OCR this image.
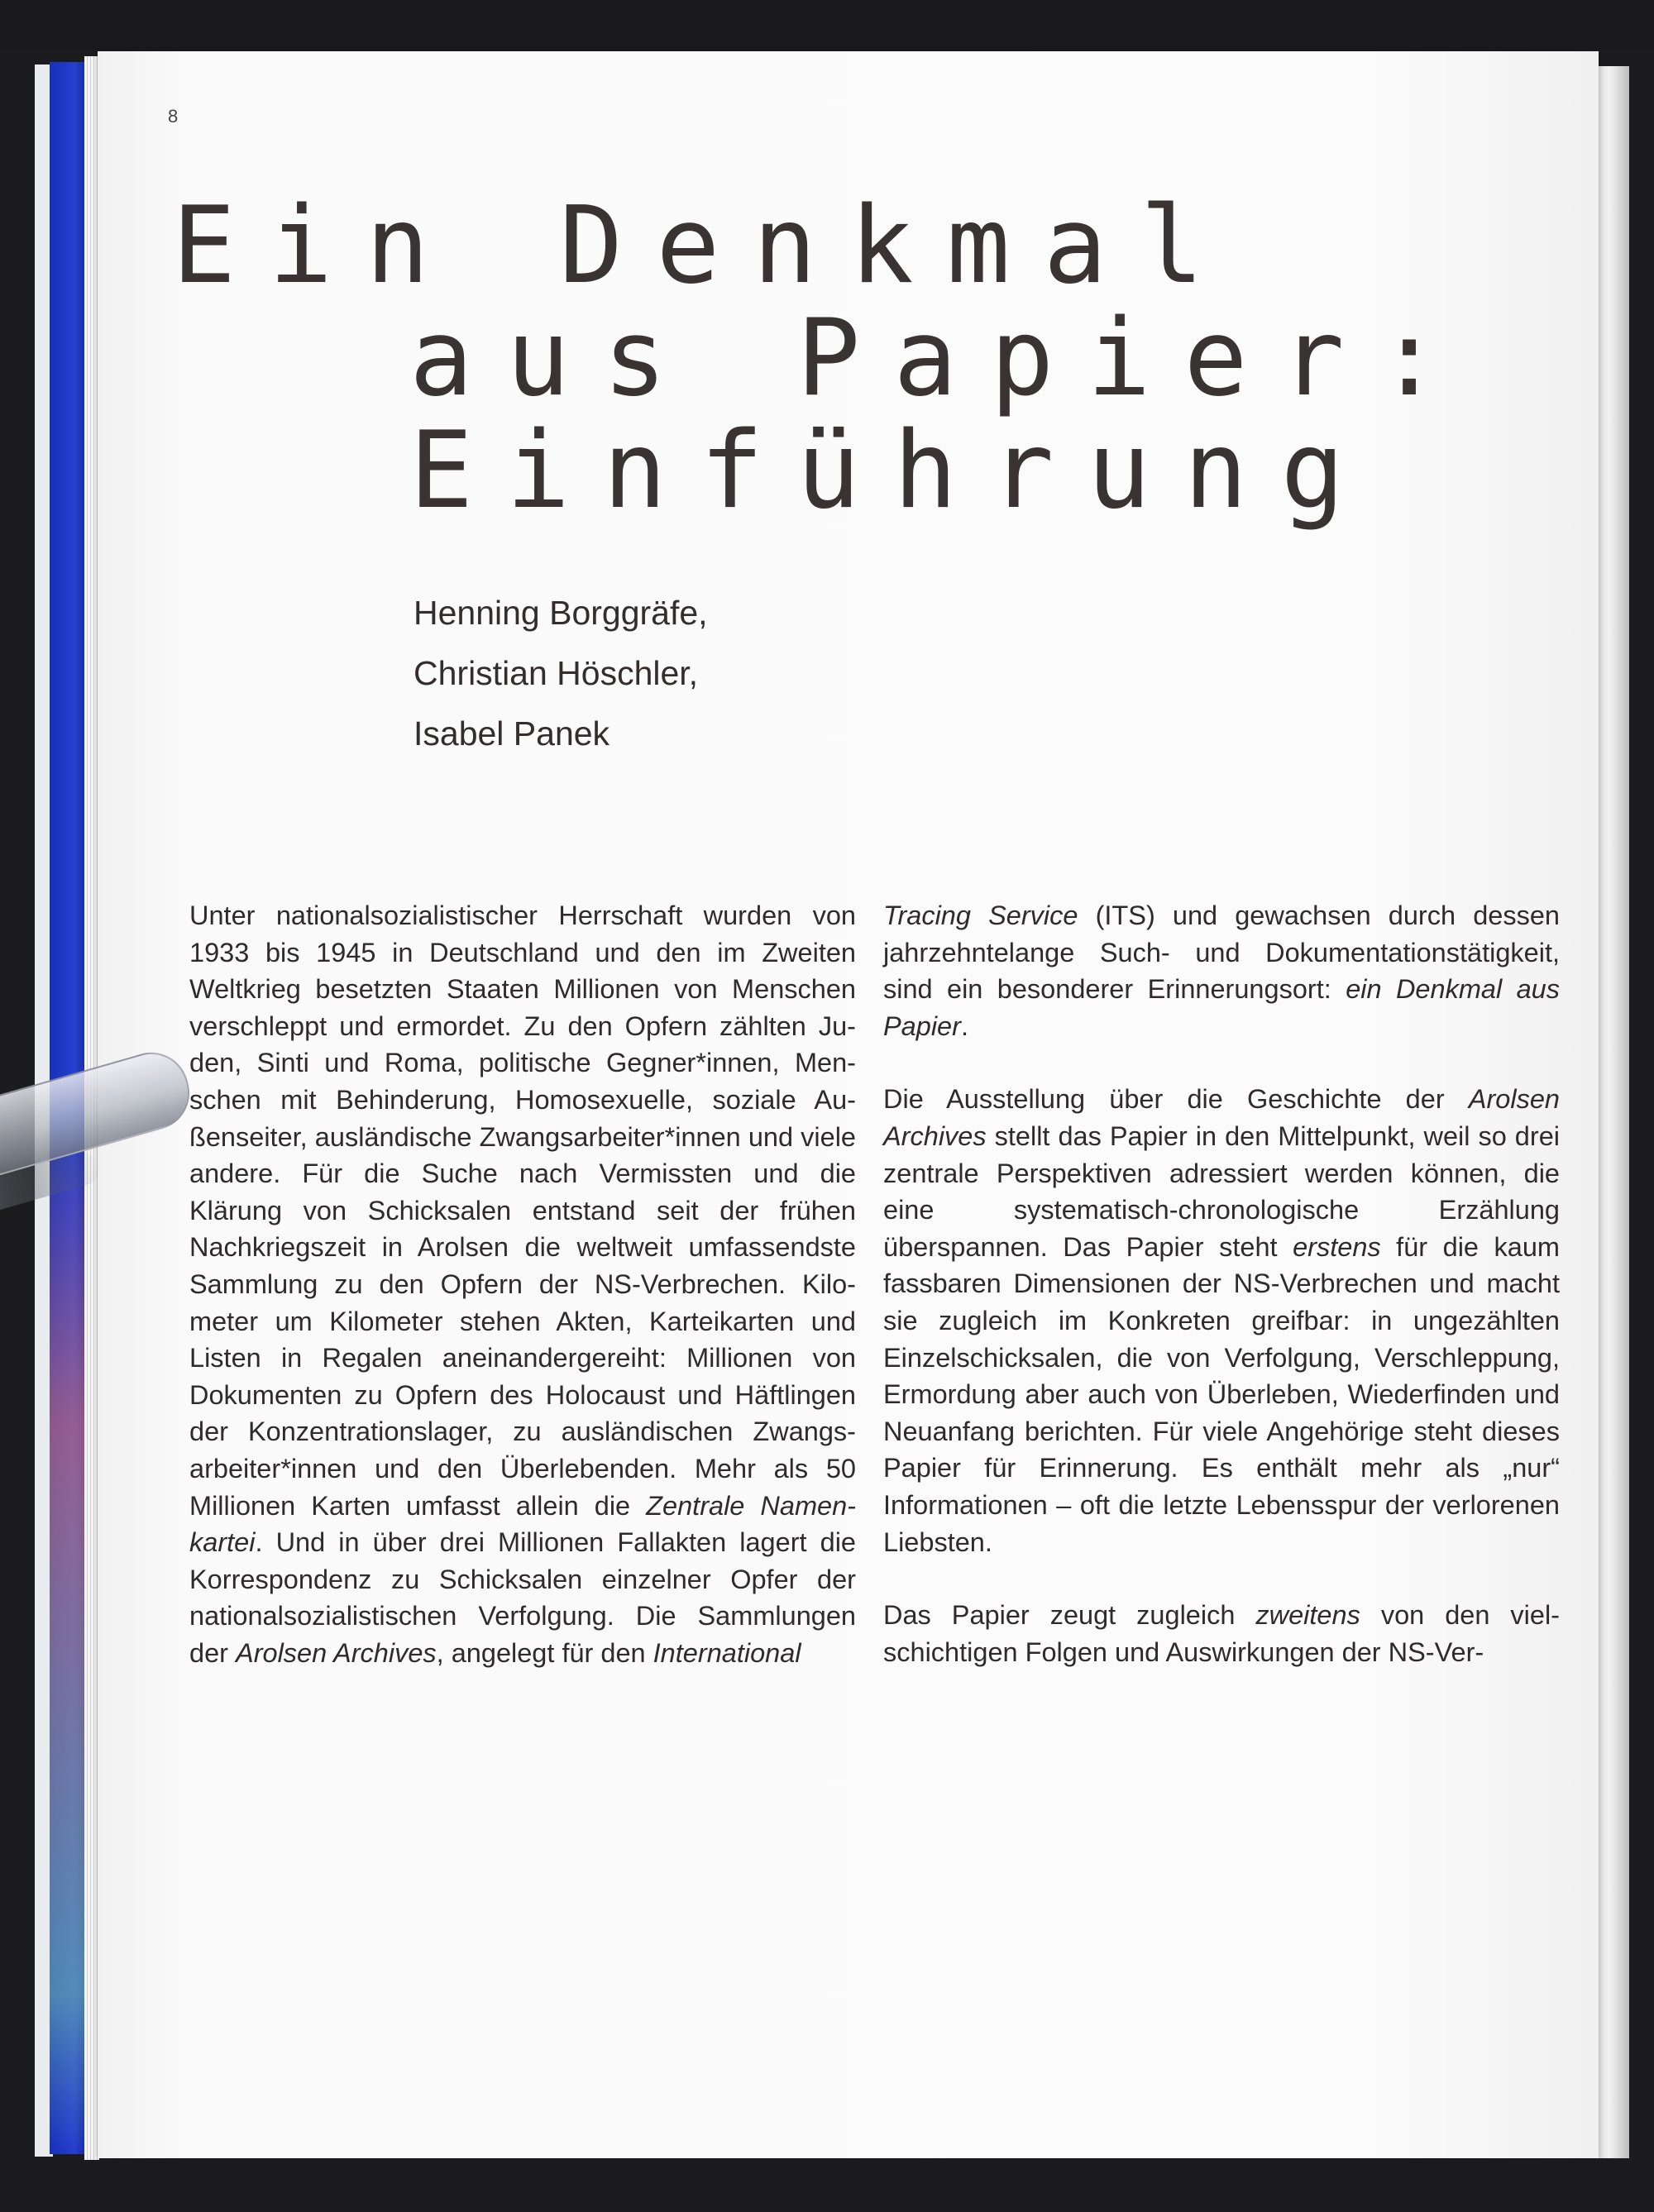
8
Ein Denkmal
aus Papier:
Einführung
Henning Borggräfe,
Christian Höschler,
Isabel Panek

Unter nationalsozialistischer Herrschaft wurden von 1933 bis 1945 in Deutschland und den im Zweiten Weltkrieg besetzten Staaten Millionen von Menschen verschleppt und ermordet. Zu den Opfern zählten Juden, Sinti und Roma, politische Gegner*innen, Menschen mit Behinderung, Homosexuelle, soziale Außenseiter, ausländische Zwangsarbeiter*innen und viele andere. Für die Suche nach Vermissten und die Klärung von Schicksalen entstand seit der frühen Nachkriegszeit in Arolsen die weltweit umfassendste Sammlung zu den Opfern der NS-Verbrechen. Kilometer um Kilometer stehen Akten, Karteikarten und Listen in Regalen aneinandergereiht: Millionen von Dokumenten zu Opfern des Holocaust und Häftlingen der Konzentrationslager, zu ausländischen Zwangsarbeiter*innen und den Überlebenden. Mehr als 50 Millionen Karten umfasst allein die Zentrale Namenkartei. Und in über drei Millionen Fallakten lagert die Korrespondenz zu Schicksalen einzelner Opfer der nationalsozialistischen Verfolgung. Die Sammlungen der Arolsen Archives, angelegt für den International

Tracing Service (ITS) und gewachsen durch dessen jahrzehntelange Such- und Dokumentationstätigkeit, sind ein besonderer Erinnerungsort: ein Denkmal aus Papier.

Die Ausstellung über die Geschichte der Arolsen Archives stellt das Papier in den Mittelpunkt, weil so drei zentrale Perspektiven adressiert werden können, die eine systematisch-chronologische Erzählung überspannen. Das Papier steht erstens für die kaum fassbaren Dimensionen der NS-Verbrechen und macht sie zugleich im Konkreten greifbar: in ungezählten Einzelschicksalen, die von Verfolgung, Verschleppung, Ermordung aber auch von Überleben, Wiederfinden und Neuanfang berichten. Für viele Angehörige steht dieses Papier für Erinnerung. Es enthält mehr als „nur“ Informationen – oft die letzte Lebensspur der verlorenen Liebsten.

Das Papier zeugt zugleich zweitens von den vielschichtigen Folgen und Auswirkungen der NS-Ver-
